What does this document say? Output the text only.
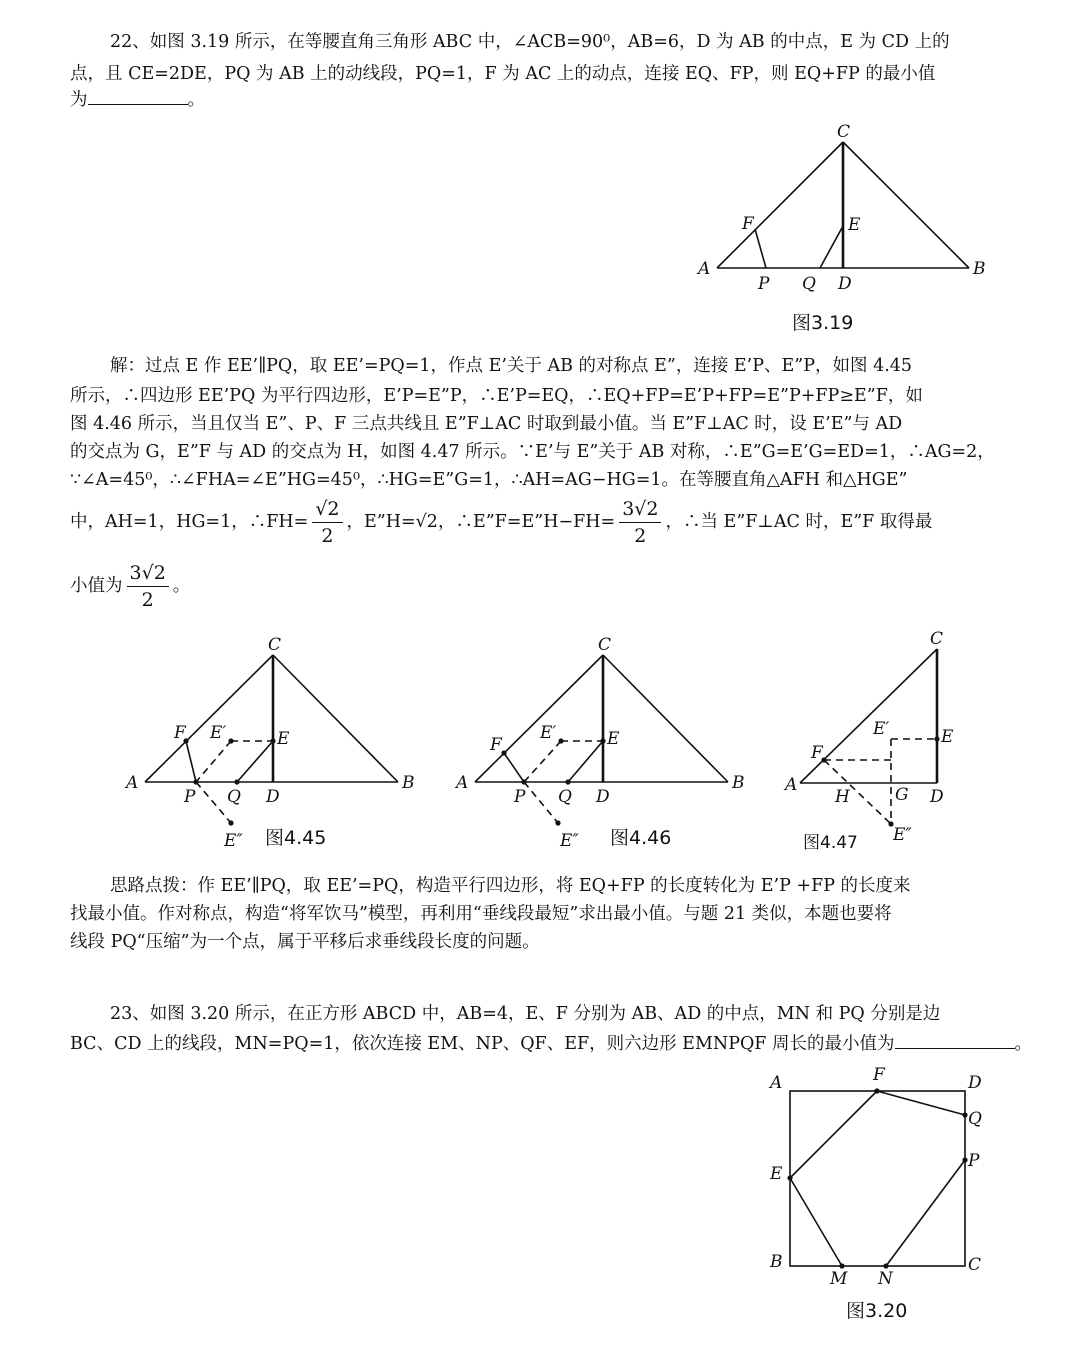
22、如图 3.19 所示，在等腰直角三角形 ABC 中，∠ACB=90⁰，AB=6，D 为 AB 的中点，E 为 CD 上的
点，且 CE=2DE，PQ 为 AB 上的动线段，PQ=1，F 为 AC 上的动点，连接 EQ、FP，则 EQ+FP 的最小值
为	。
C
A	B
D
E
F
P Q
图3.19
解：过点 E 作 EE’∥PQ，取 EE’=PQ=1，作点 E’关于 AB 的对称点 E”，连接 E’P、E”P，如图 4.45
所示，∴四边形 EE’PQ 为平行四边形，E’P=E”P，∴E’P=EQ，∴EQ+FP=E’P+FP=E”P+FP≥E”F，如
图 4.46 所示，当且仅当 E”、P、F 三点共线且 E”F⊥AC 时取到最小值。当 E”F⊥AC 时，设 E’E”与 AD
的交点为 G，E”F 与 AD 的交点为 H，如图 4.47 所示。∵E’与 E”关于 AB 对称，∴E”G=E’G=ED=1，∴AG=2，
∵∠A=45⁰，∴∠FHA=∠E”HG=45⁰，∴HG=E”G=1，∴AH=AG−HG=1。在等腰直角△AFH 和△HGE”
中，AH=1，HG=1，∴FH= $\frac{√2}{2}$ ，E”H=√2，∴E”F=E”H−FH= $\frac{3√2}{2}$ ，∴当 E”F⊥AC 时，E”F 取得最
小值为 $\frac{3√2}{2}$ 。
C
A	B
D
E
F
P Q
E′
E″ 图4.45
C
A	B
D
E
F
P Q
E′
E″ 图4.46
C
A
D
E
F
E′
E″
G
H
图4.47
思路点拨：作 EE’∥PQ，取 EE’=PQ，构造平行四边形，将 EQ+FP 的长度转化为 E’P +FP 的长度来
找最小值。作对称点，构造“将军饮马”模型，再利用“垂线段最短”求出最小值。与题 21 类似，本题也要将
线段 PQ“压缩”为一个点，属于平移后求垂线段长度的问题。
23、如图 3.20 所示，在正方形 ABCD 中，AB=4，E、F 分别为 AB、AD 的中点，MN 和 PQ 分别是边
BC、CD 上的线段，MN=PQ=1，依次连接 EM、NP、QF、EF，则六边形 EMNPQF 周长的最小值为	。
A	D
F
Q
P
E
B	C
M N
图3.20
